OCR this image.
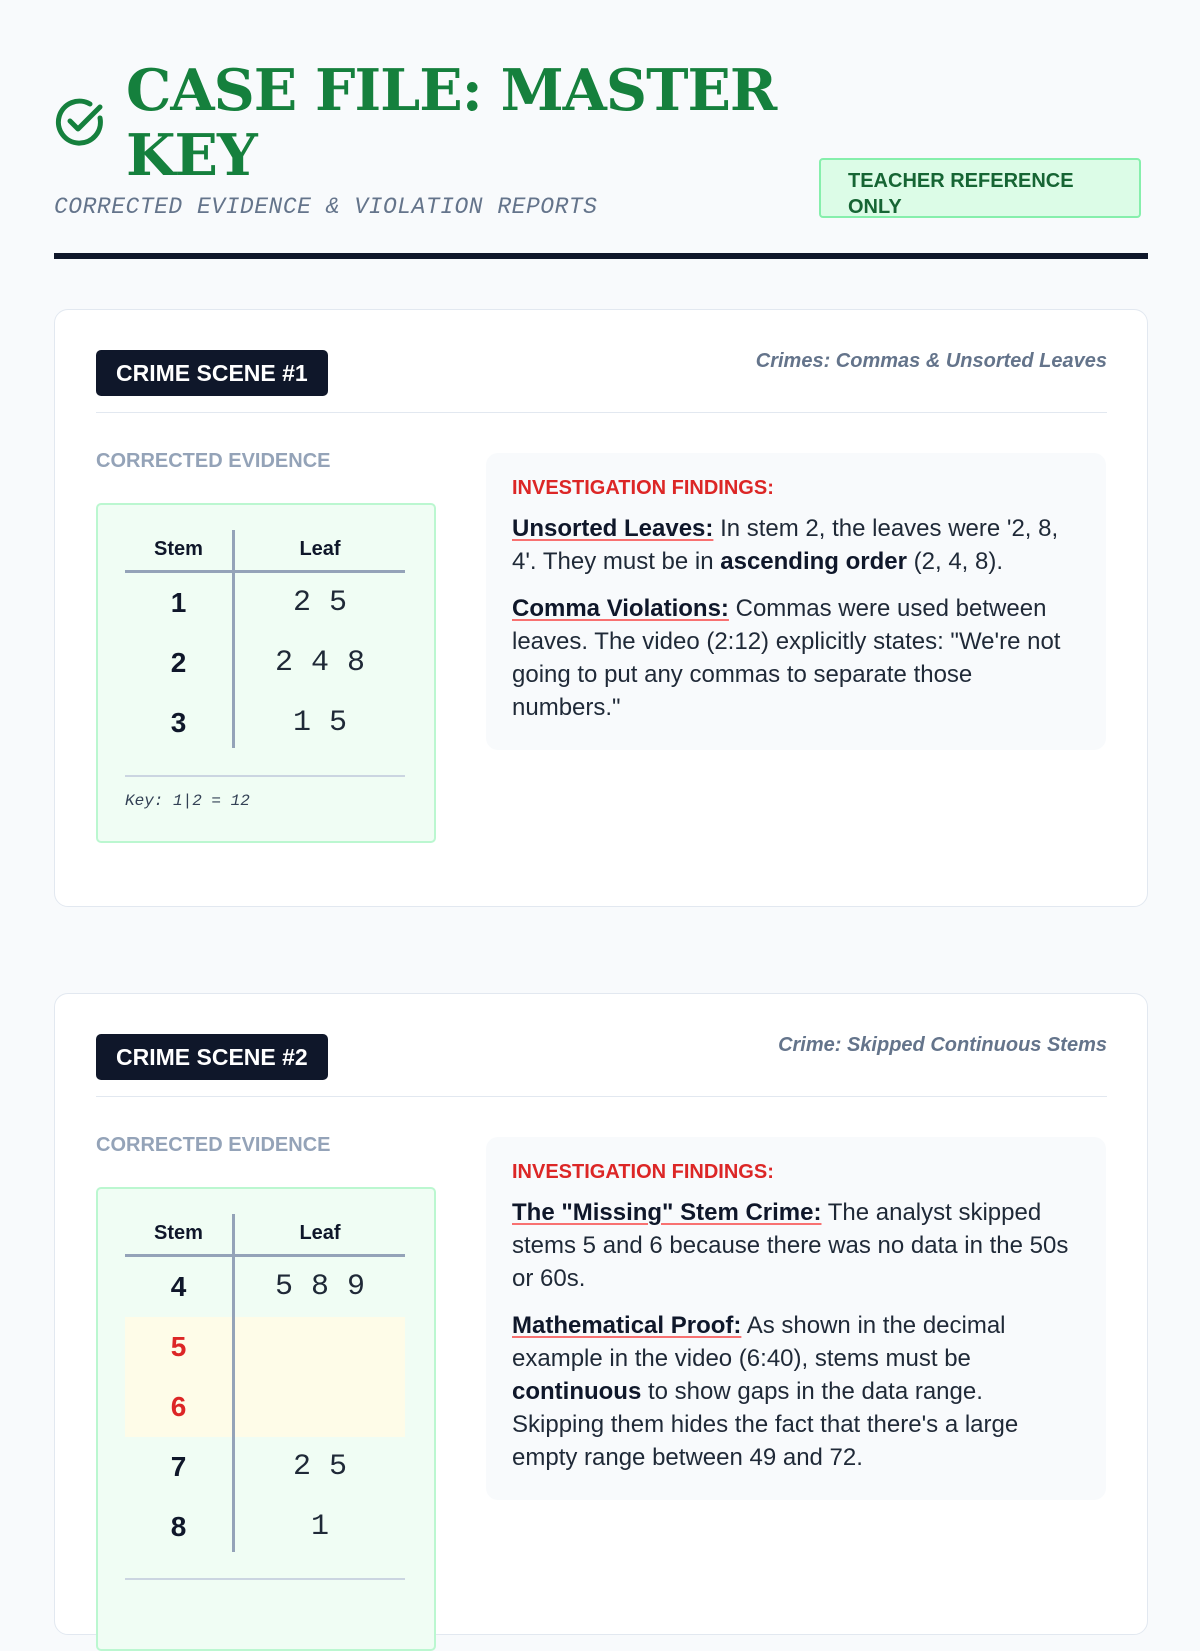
CASE FILE: MASTER KEY
CORRECTED EVIDENCE & VIOLATION REPORTS
TEACHER REFERENCE ONLY
CRIME SCENE #1	Crimes: Commas & Unsorted Leaves
CORRECTED EVIDENCE
Stem	Leaf
1	2 5
2	2 4 8
3	1 5
Key: 1|2 = 12
INVESTIGATION FINDINGS:

Unsorted Leaves: In stem 2, the leaves were '2, 8, 4'. They must be in ascending order (2, 4, 8).

Comma Violations: Commas were used between leaves. The video (2:12) explicitly states: "We're not going to put any commas to separate those numbers."

CRIME SCENE #2	Crime: Skipped Continuous Stems
CORRECTED EVIDENCE
Stem	Leaf
4	5 8 9
5
6
7	2 5
8	1
INVESTIGATION FINDINGS:

The "Missing" Stem Crime: The analyst skipped stems 5 and 6 because there was no data in the 50s or 60s.

Mathematical Proof: As shown in the decimal example in the video (6:40), stems must be continuous to show gaps in the data range. Skipping them hides the fact that there's a large empty range between 49 and 72.
